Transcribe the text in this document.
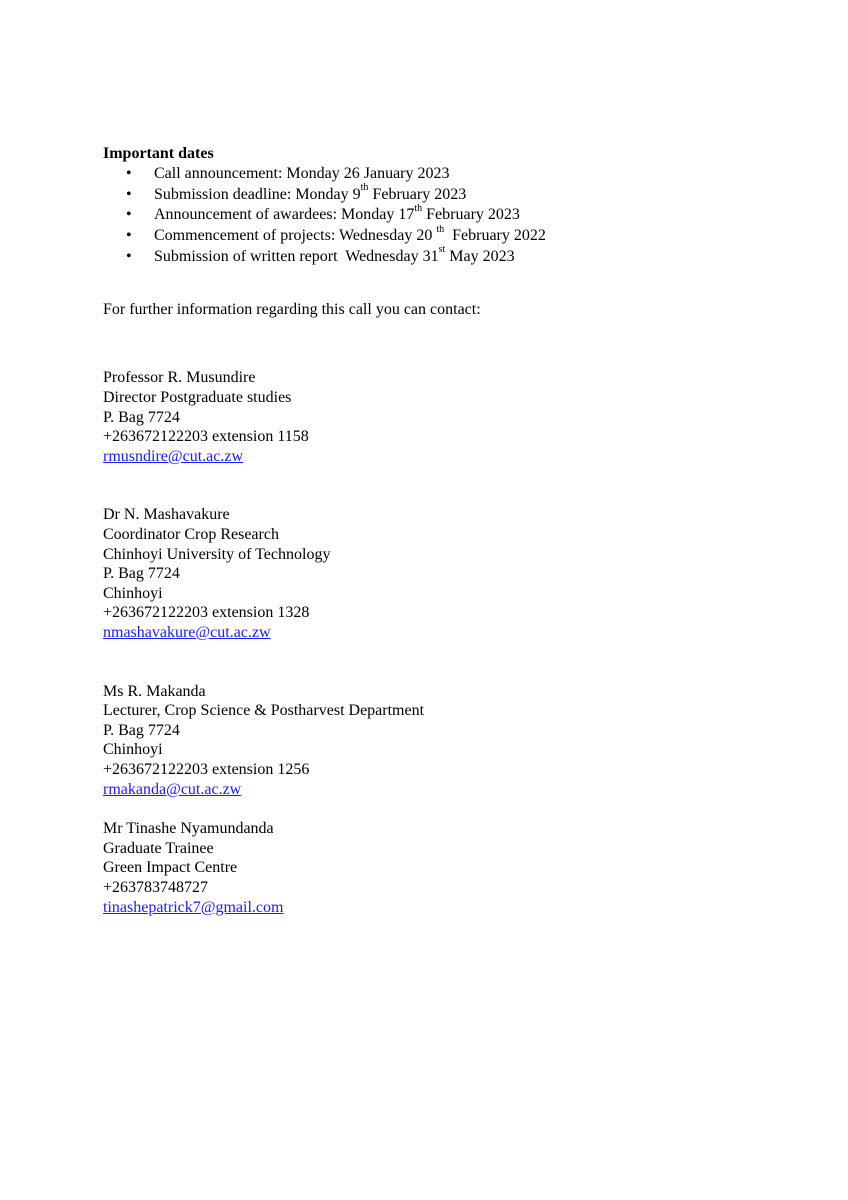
Important dates
• Call announcement: Monday 26 January 2023
• Submission deadline: Monday 9th February 2023
• Announcement of awardees: Monday 17th February 2023
• Commencement of projects: Wednesday 20 $^{th}$  February 2022
• Submission of written report  Wednesday 31st May 2023
For further information regarding this call you can contact:
Professor R. Musundire
Director Postgraduate studies
P. Bag 7724
+263672122203 extension 1158
rmusndire@cut.ac.zw
Dr N. Mashavakure
Coordinator Crop Research
Chinhoyi University of Technology
P. Bag 7724
Chinhoyi
+263672122203 extension 1328
nmashavakure@cut.ac.zw
Ms R. Makanda
Lecturer, Crop Science & Postharvest Department
P. Bag 7724
Chinhoyi
+263672122203 extension 1256
rmakanda@cut.ac.zw
Mr Tinashe Nyamundanda
Graduate Trainee
Green Impact Centre
+263783748727
tinashepatrick7@gmail.com
